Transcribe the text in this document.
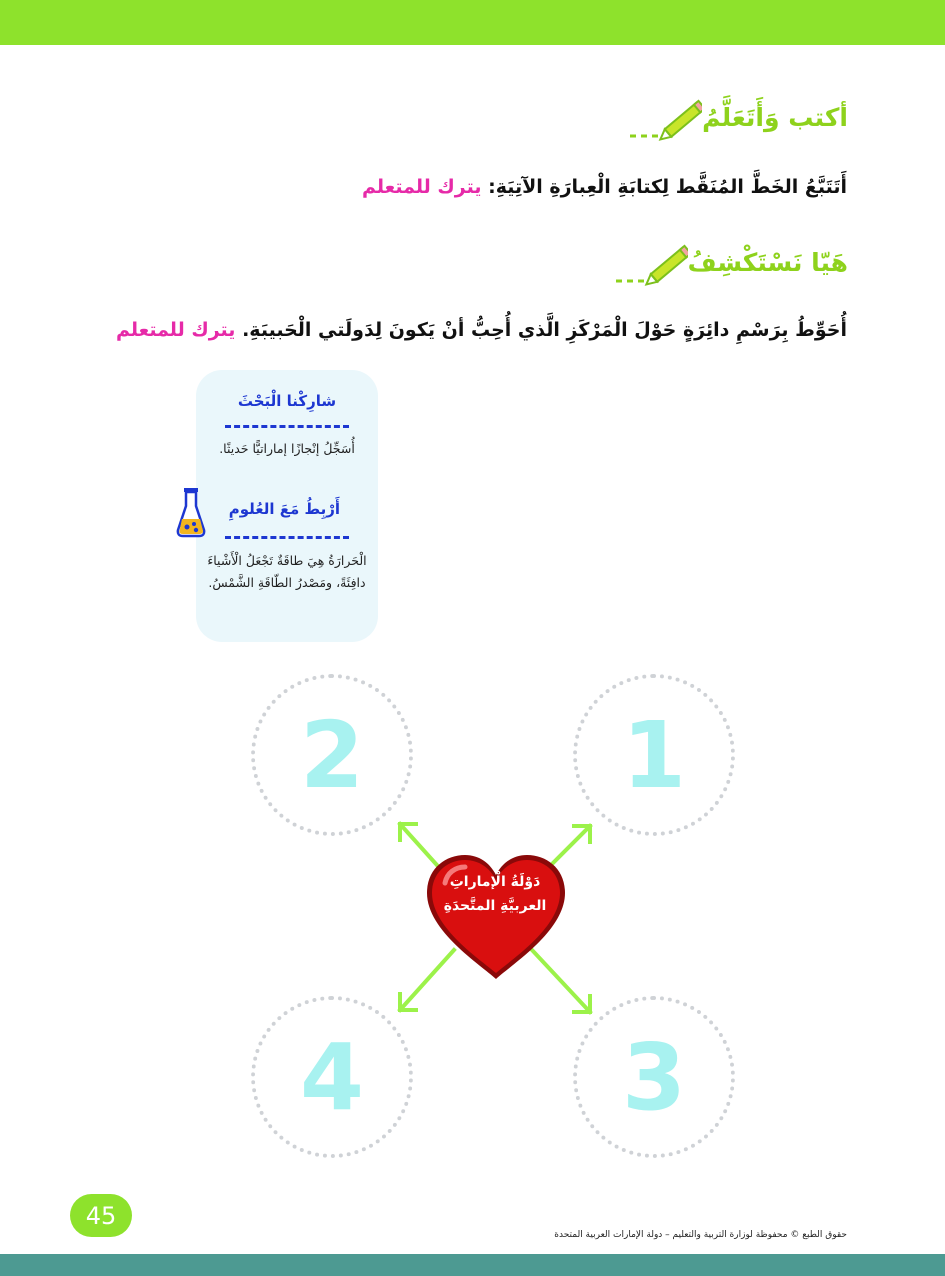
أكتب وَأَتَعَلَّمُ
أَتَتَبَّعُ الخَطَّ المُنَقَّط لِكتابَةِ الْعِبارَةِ الآتِيَةِ: يترك للمتعلم
هَيّا نَسْتَكْشِفُ
أُحَوِّطُ بِرَسْمِ دائِرَةٍ حَوْلَ الْمَرْكَزِ الَّذي أُحِبُّ أنْ يَكونَ لِدَولَتي الْحَبيبَةِ. يترك للمتعلم
شارِكْنا الْبَحْثَ
أُسَجِّلُ إنْجازًا إماراتيًّا حَديثًا.
أَرْبِطُ مَعَ العُلومِ
الْحَرارَةُ هِيَ طاقَةٌ تَجْعَلُ الْأَشْياءَ دافِئَةً، ومَصْدرُ الطّاقَةِ الشَّمْسُ.
1
2
3
4
دَوْلَةُ الْإماراتِ العربيَّةِ المتَّحدَةِ
45
حقوق الطبع © محفوظة لوزارة التربية والتعليم – دولة الإمارات العربية المتحدة
